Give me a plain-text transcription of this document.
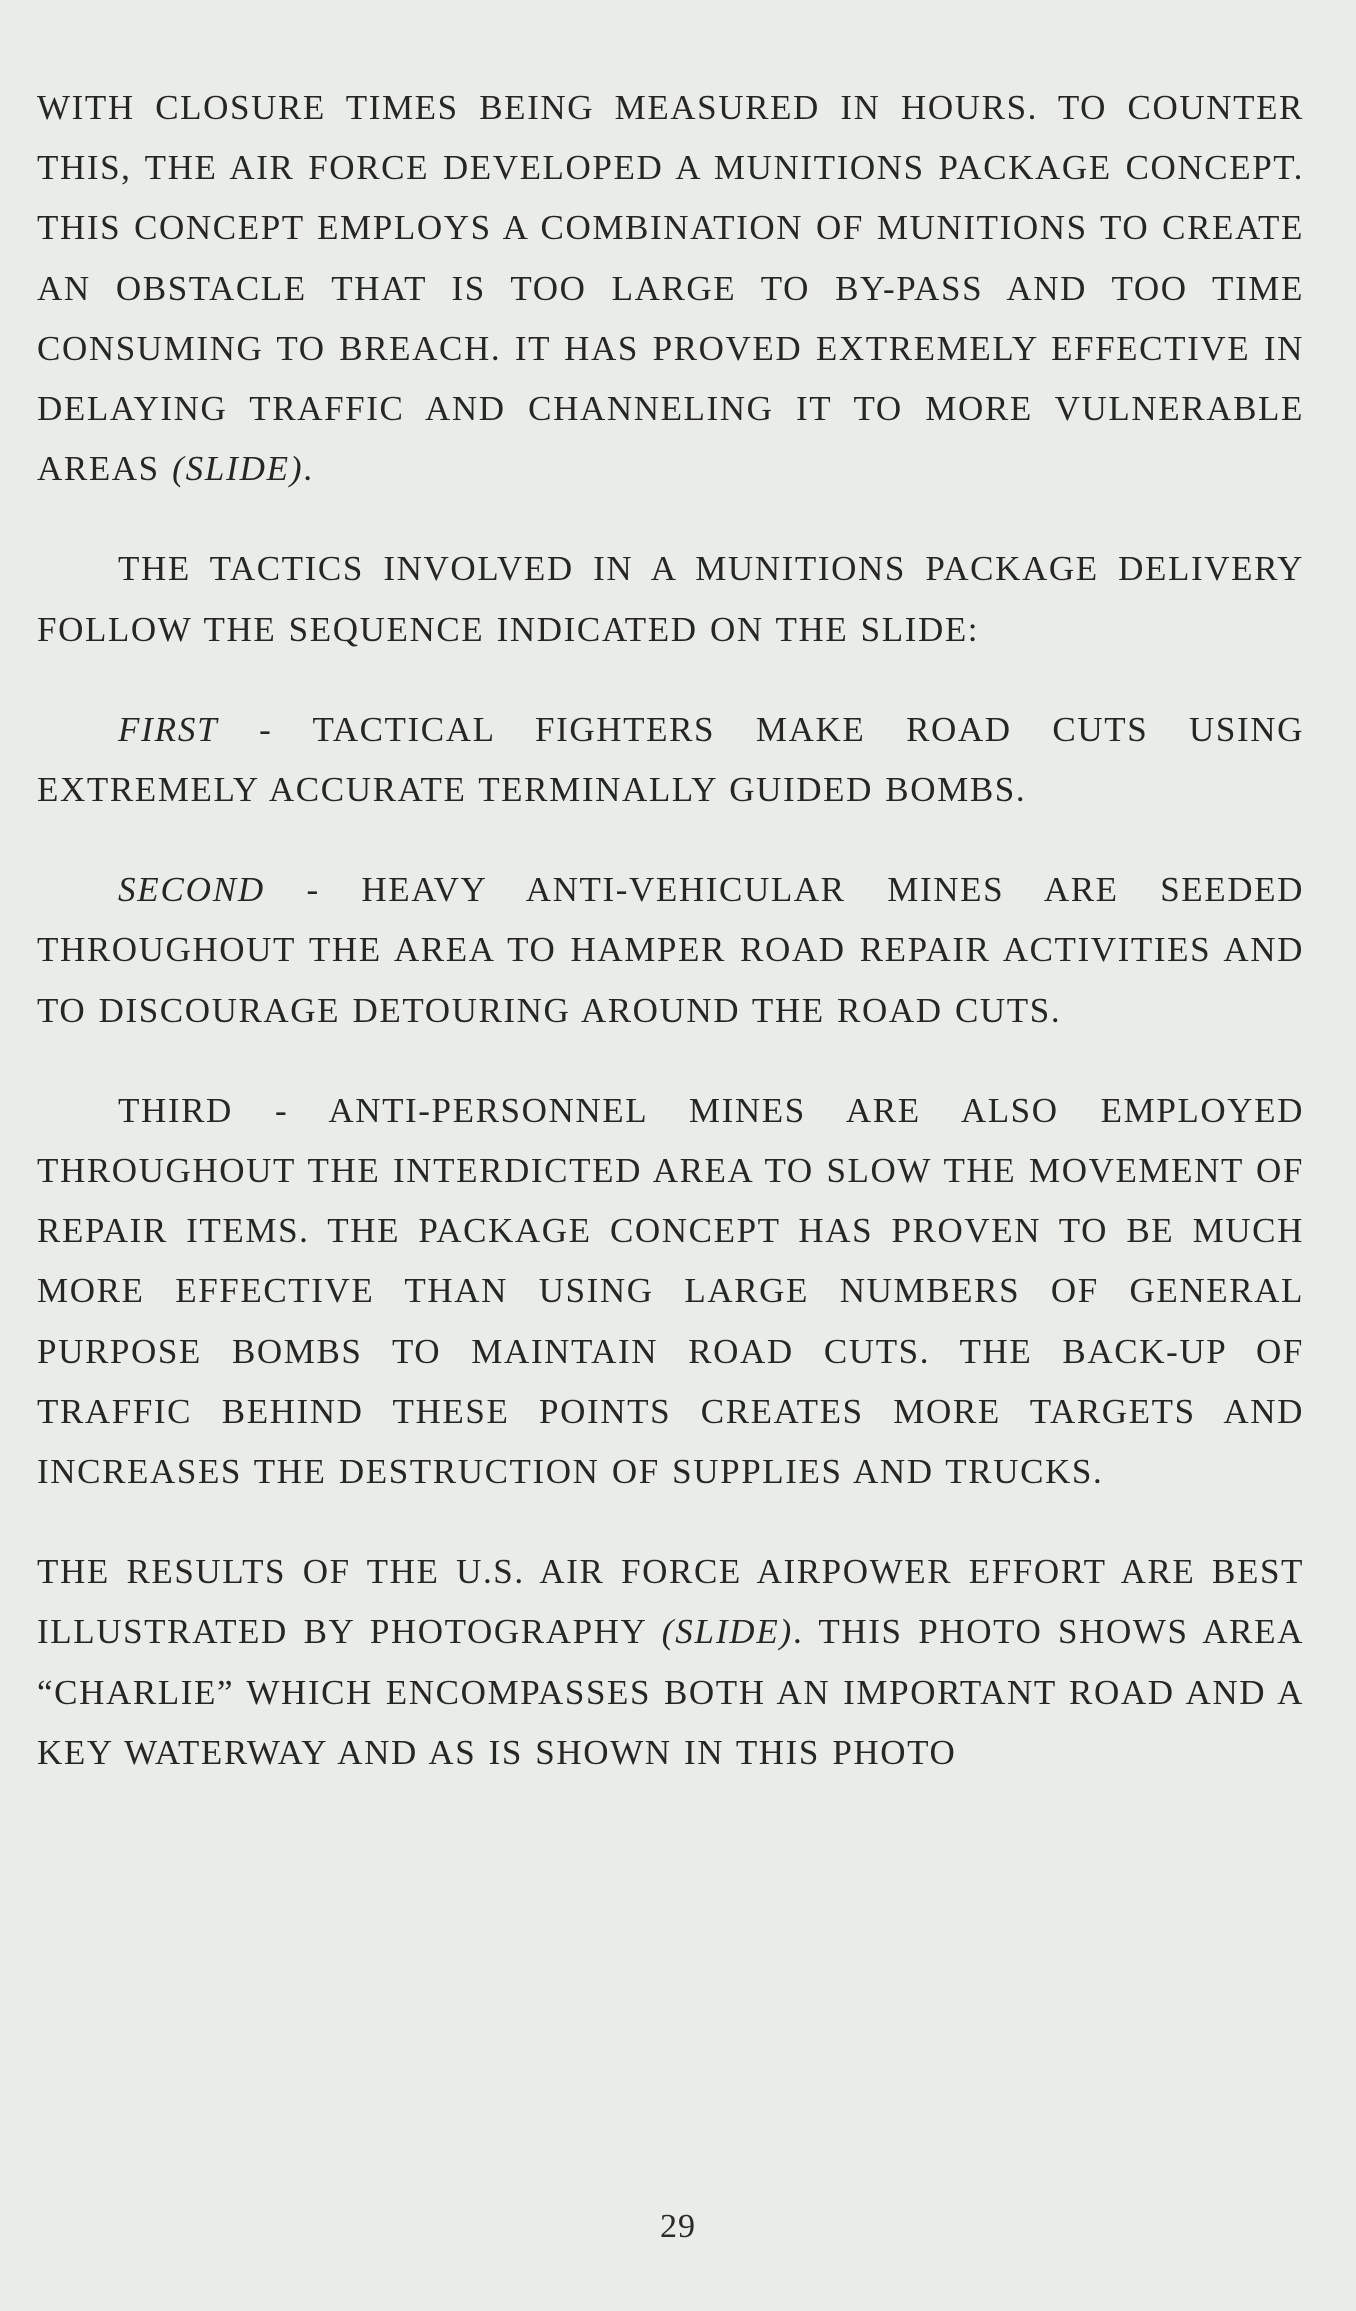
WITH CLOSURE TIMES BEING MEASURED IN HOURS. TO COUNTER THIS, THE AIR FORCE DEVELOPED A MUNITIONS PACKAGE CONCEPT. THIS CONCEPT EMPLOYS A COMBINATION OF MUNITIONS TO CREATE AN OBSTACLE THAT IS TOO LARGE TO BY-PASS AND TOO TIME CONSUMING TO BREACH. IT HAS PROVED EXTREMELY EFFECTIVE IN DELAYING TRAFFIC AND CHANNELING IT TO MORE VULNERABLE AREAS (SLIDE).

THE TACTICS INVOLVED IN A MUNITIONS PACKAGE DELIVERY FOLLOW THE SEQUENCE INDICATED ON THE SLIDE:

FIRST - TACTICAL FIGHTERS MAKE ROAD CUTS USING EXTREMELY ACCURATE TERMINALLY GUIDED BOMBS.

SECOND - HEAVY ANTI-VEHICULAR MINES ARE SEEDED THROUGHOUT THE AREA TO HAMPER ROAD REPAIR ACTIVITIES AND TO DISCOURAGE DETOURING AROUND THE ROAD CUTS.

THIRD - ANTI-PERSONNEL MINES ARE ALSO EMPLOYED THROUGHOUT THE INTERDICTED AREA TO SLOW THE MOVEMENT OF REPAIR ITEMS. THE PACKAGE CONCEPT HAS PROVEN TO BE MUCH MORE EFFECTIVE THAN USING LARGE NUMBERS OF GENERAL PURPOSE BOMBS TO MAINTAIN ROAD CUTS. THE BACK-UP OF TRAFFIC BEHIND THESE POINTS CREATES MORE TARGETS AND INCREASES THE DESTRUCTION OF SUPPLIES AND TRUCKS.

THE RESULTS OF THE U.S. AIR FORCE AIRPOWER EFFORT ARE BEST ILLUSTRATED BY PHOTOGRAPHY (SLIDE). THIS PHOTO SHOWS AREA “CHARLIE” WHICH ENCOMPASSES BOTH AN IMPORTANT ROAD AND A KEY WATERWAY AND AS IS SHOWN IN THIS PHOTO

29
